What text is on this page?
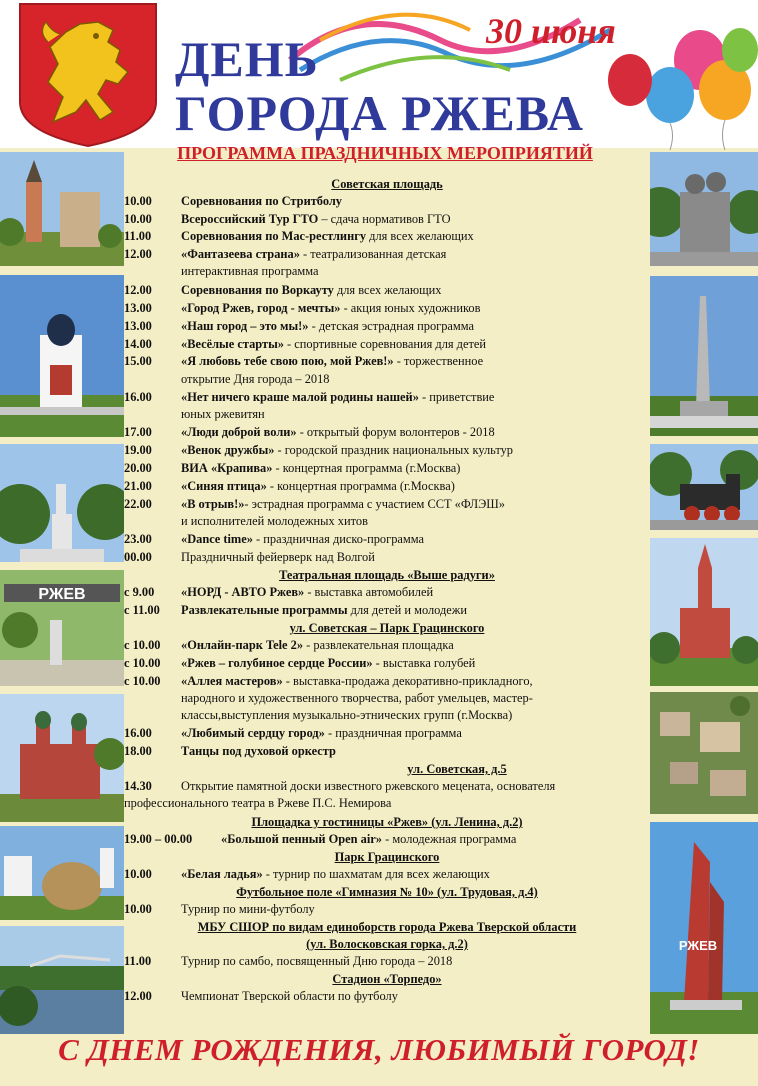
30 июня
ДЕНЬ
ГОРОДА РЖЕВА
ПРОГРАММА ПРАЗДНИЧНЫХ МЕРОПРИЯТИЙ
РЖЕВ
РЖЕВ
Советская площадь
10.00 Соревнования по Стритболу
10.00 Всероссийский Тур ГТО – сдача нормативов ГТО
11.00 Соревнования по Мас-рестлингу для всех желающих
12.00 «Фантазеева страна» - театрализованная детская
интерактивная программа
12.00 Соревнования по Воркауту для всех желающих
13.00 «Город Ржев, город - мечты» - акция юных художников
13.00 «Наш город – это мы!» - детская эстрадная программа
14.00 «Весёлые старты» - спортивные соревнования для детей
15.00 «Я любовь тебе свою пою, мой Ржев!» - торжественное
открытие Дня города – 2018
16.00 «Нет ничего краше малой родины нашей» - приветствие
юных ржевитян
17.00 «Люди доброй воли» - открытый форум волонтеров - 2018
19.00 «Венок дружбы» - городской праздник национальных культур
20.00 ВИА «Крапива» - концертная программа (г.Москва)
21.00 «Синяя птица» - концертная программа (г.Москва)
22.00 «В отрыв!»- эстрадная программа с участием ССТ «ФЛЭШ»
и исполнителей молодежных хитов
23.00 «Dance time» - праздничная диско-программа
00.00 Праздничный фейерверк над Волгой
Театральная площадь «Выше радуги»
с 9.00 «НОРД - АВТО Ржев» - выставка автомобилей
с 11.00 Развлекательные программы для детей и молодежи
ул. Советская – Парк Грацинского
с 10.00 «Онлайн-парк Tele 2» - развлекательная площадка
с 10.00 «Ржев – голубиное сердце России» - выставка голубей
с 10.00 «Аллея мастеров» - выставка-продажа декоративно-прикладного,
народного и художественного творчества, работ умельцев, мастер-
классы,выступления музыкально-этнических групп (г.Москва)
16.00 «Любимый сердцу город» - праздничная программа
18.00 Танцы под духовой оркестр
ул. Советская, д.5
14.30 Открытие памятной доски известного ржевского мецената, основателя
профессионального театра в Ржеве П.С. Немирова
Площадка у гостиницы «Ржев» (ул. Ленина, д.2)
19.00 – 00.00 «Большой пенный Open air» - молодежная программа
Парк Грацинского
10.00 «Белая ладья» - турнир по шахматам для всех желающих
Футбольное поле «Гимназия № 10» (ул. Трудовая, д.4)
10.00 Турнир по мини-футболу
МБУ СШОР по видам единоборств города Ржева Тверской области
(ул. Волосковская горка, д.2)
11.00 Турнир по самбо, посвященный Дню города – 2018
Стадион «Торпедо»
12.00 Чемпионат Тверской области по футболу
С ДНЕМ РОЖДЕНИЯ, ЛЮБИМЫЙ ГОРОД!
